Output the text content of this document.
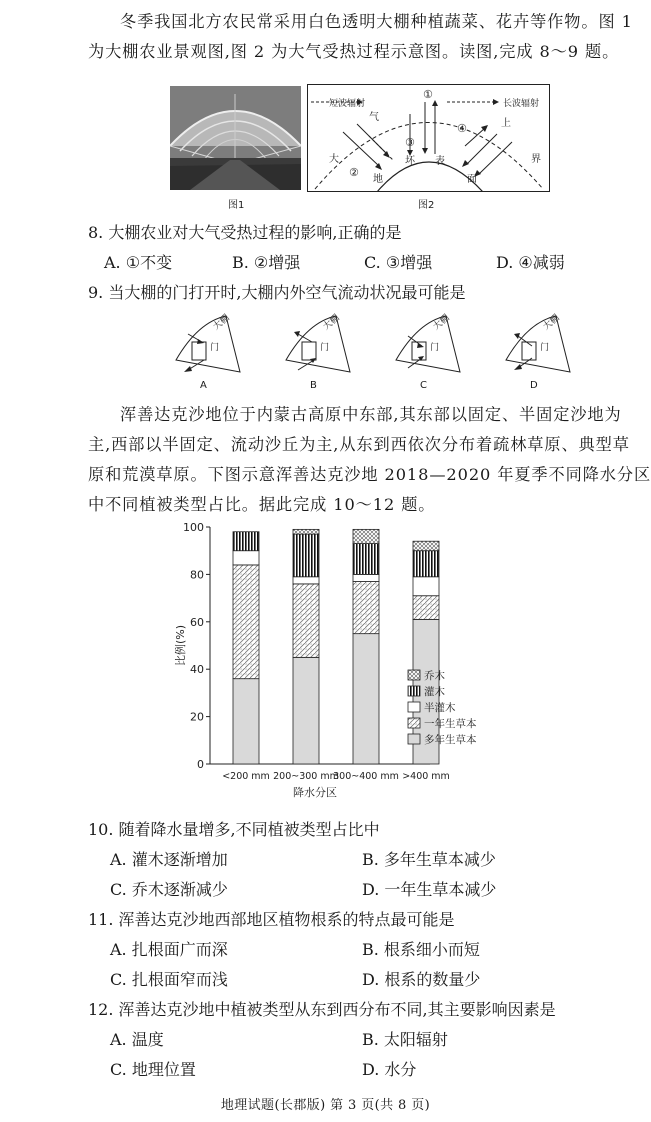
冬季我国北方农民常采用白色透明大棚种植蔬菜、花卉等作物。图 1
为大棚农业景观图,图 2 为大气受热过程示意图。读图,完成 8～9 题。
图1
短波辐射	长波辐射
①
②
③
④
大
气
上
界
地
坏 表
面
图2
8. 大棚农业对大气受热过程的影响,正确的是
A. ①不变	B. ②增强	C. ③增强	D. ④减弱
9. 当大棚的门打开时,大棚内外空气流动状况最可能是
门
大棚
A
门
大棚
B
门
大棚
C
门
大棚
D
浑善达克沙地位于内蒙古高原中东部,其东部以固定、半固定沙地为
主,西部以半固定、流动沙丘为主,从东到西依次分布着疏林草原、典型草
原和荒漠草原。下图示意浑善达克沙地 2018—2020 年夏季不同降水分区
中不同植被类型占比。据此完成 10～12 题。
0
20
40
60
80
100
比例(%)
<200 mm 200~300 mm
300~400 mm >400 mm
降水分区
乔木
灌木
半灌木
一年生草本
多年生草本
10. 随着降水量增多,不同植被类型占比中
A. 灌木逐渐增加	B. 多年生草本减少
C. 乔木逐渐减少	D. 一年生草本减少
11. 浑善达克沙地西部地区植物根系的特点最可能是
A. 扎根面广而深	B. 根系细小而短
C. 扎根面窄而浅	D. 根系的数量少
12. 浑善达克沙地中植被类型从东到西分布不同,其主要影响因素是
A. 温度	B. 太阳辐射
C. 地理位置	D. 水分
地理试题(长郡版) 第 3 页(共 8 页)
